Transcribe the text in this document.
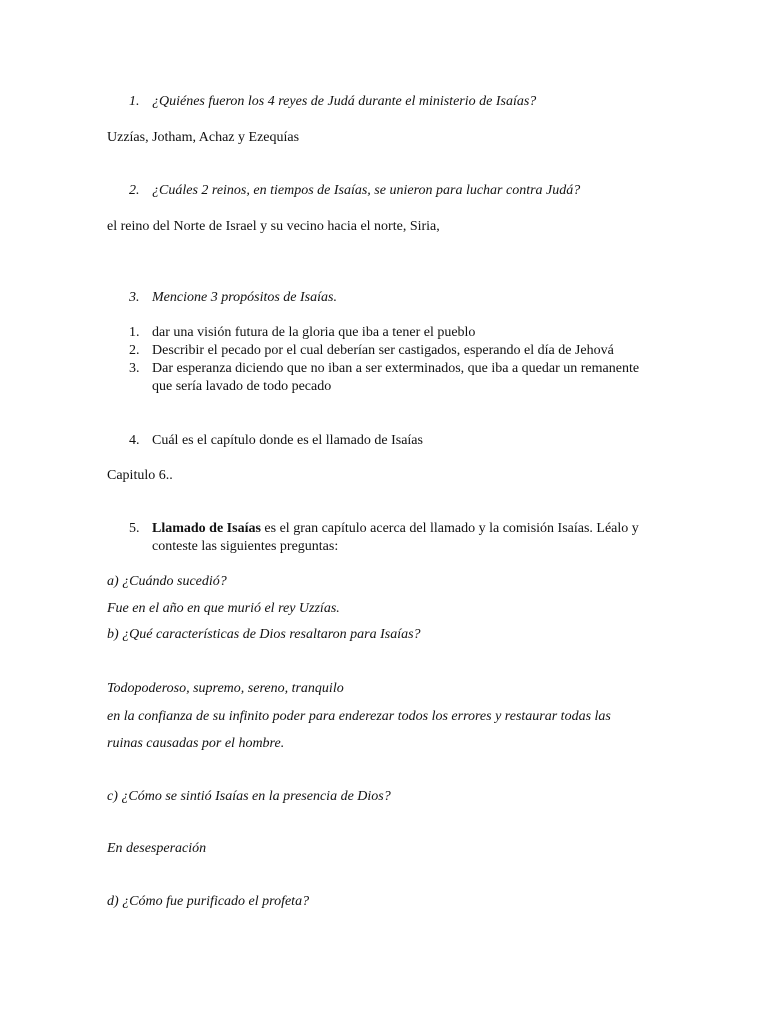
1. ¿Quiénes fueron los 4 reyes de Judá durante el ministerio de Isaías?
Uzzías, Jotham, Achaz y Ezequías
2. ¿Cuáles 2 reinos, en tiempos de Isaías, se unieron para luchar contra Judá?
el reino del Norte de Israel y su vecino hacia el norte, Siria,
3. Mencione 3 propósitos de Isaías.
1. dar una visión futura de la gloria que iba a tener el pueblo
2. Describir el pecado por el cual deberían ser castigados, esperando el día de Jehová
3. Dar esperanza diciendo que no iban a ser exterminados, que iba a quedar un remanente
que sería lavado de todo pecado
4. Cuál es el capítulo donde es el llamado de Isaías
Capitulo 6..
5. Llamado de Isaías es el gran capítulo acerca del llamado y la comisión Isaías. Léalo y
conteste las siguientes preguntas:
a) ¿Cuándo sucedió?
Fue en el año en que murió el rey Uzzías.
b) ¿Qué características de Dios resaltaron para Isaías?
Todopoderoso, supremo, sereno, tranquilo
en la confianza de su infinito poder para enderezar todos los errores y restaurar todas las
ruinas causadas por el hombre.
c) ¿Cómo se sintió Isaías en la presencia de Dios?
En desesperación
d) ¿Cómo fue purificado el profeta?
